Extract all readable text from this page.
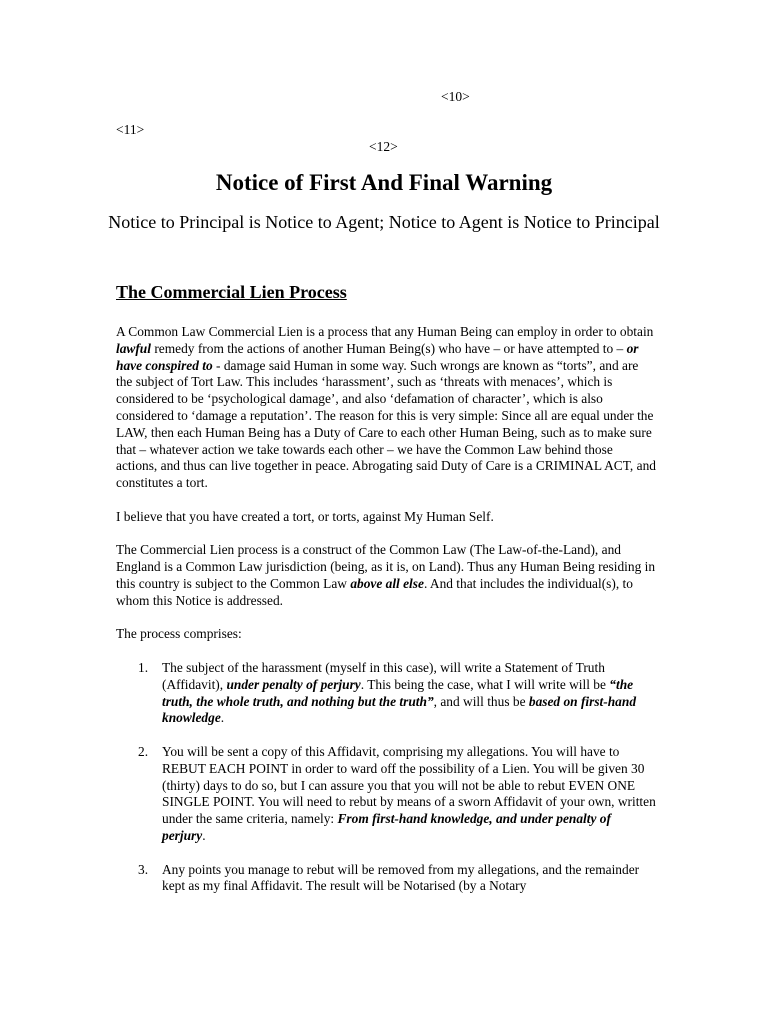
<10>
<11>
<12>
Notice of First And Final Warning

Notice to Principal is Notice to Agent; Notice to Agent is Notice to Principal

The Commercial Lien Process

A Common Law Commercial Lien is a process that any Human Being can employ in order to obtain lawful remedy from the actions of another Human Being(s) who have – or have attempted to – or have conspired to - damage said Human in some way. Such wrongs are known as “torts”, and are the subject of Tort Law. This includes ‘harassment’, such as ‘threats with menaces’, which is considered to be ‘psychological damage’, and also ‘defamation of character’, which is also considered to ‘damage a reputation’. The reason for this is very simple: Since all are equal under the LAW, then each Human Being has a Duty of Care to each other Human Being, such as to make sure that – whatever action we take towards each other – we have the Common Law behind those actions, and thus can live together in peace. Abrogating said Duty of Care is a CRIMINAL ACT, and constitutes a tort.

I believe that you have created a tort, or torts, against My Human Self.

The Commercial Lien process is a construct of the Common Law (The Law-of-the-Land), and England is a Common Law jurisdiction (being, as it is, on Land). Thus any Human Being residing in this country is subject to the Common Law above all else. And that includes the individual(s), to whom this Notice is addressed.

The process comprises:

1. The subject of the harassment (myself in this case), will write a Statement of Truth (Affidavit), under penalty of perjury. This being the case, what I will write will be “the truth, the whole truth, and nothing but the truth”, and will thus be based on first-hand knowledge.
2. You will be sent a copy of this Affidavit, comprising my allegations. You will have to REBUT EACH POINT in order to ward off the possibility of a Lien. You will be given 30 (thirty) days to do so, but I can assure you that you will not be able to rebut EVEN ONE SINGLE POINT. You will need to rebut by means of a sworn Affidavit of your own, written under the same criteria, namely: From first-hand knowledge, and under penalty of perjury.
3. Any points you manage to rebut will be removed from my allegations, and the remainder kept as my final Affidavit. The result will be Notarised (by a Notary
